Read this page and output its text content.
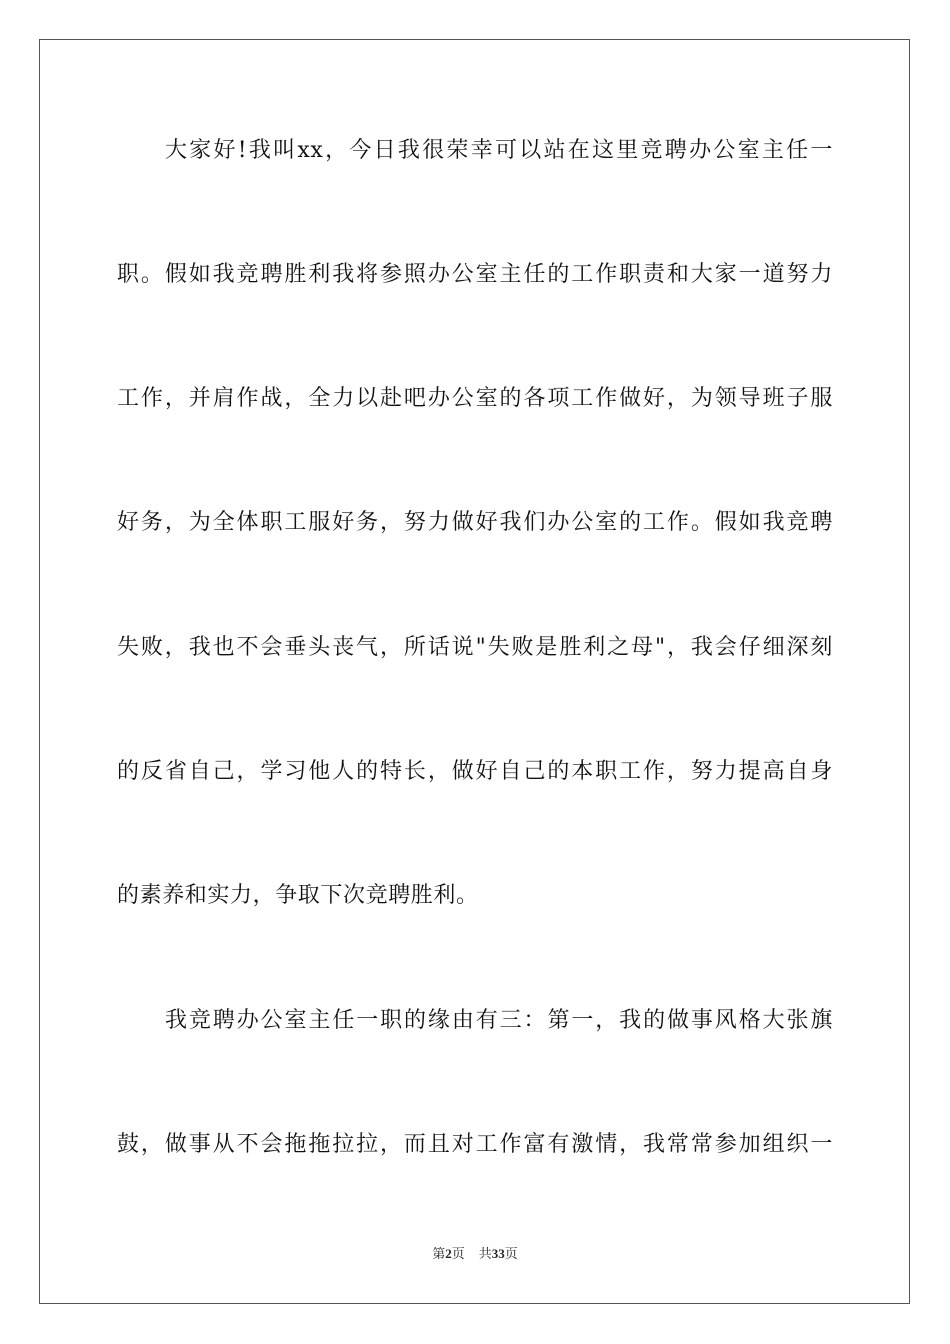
大家好!我叫xx，今日我很荣幸可以站在这里竞聘办公室主任一
职。假如我竞聘胜利我将参照办公室主任的工作职责和大家一道努力
工作，并肩作战，全力以赴吧办公室的各项工作做好，为领导班子服
好务，为全体职工服好务，努力做好我们办公室的工作。假如我竞聘
失败，我也不会垂头丧气，所话说"失败是胜利之母"，我会仔细深刻
的反省自己，学习他人的特长，做好自己的本职工作，努力提高自身
的素养和实力，争取下次竞聘胜利。
我竞聘办公室主任一职的缘由有三：第一，我的做事风格大张旗
鼓，做事从不会拖拖拉拉，而且对工作富有激情，我常常参加组织一
第2页 共33页
